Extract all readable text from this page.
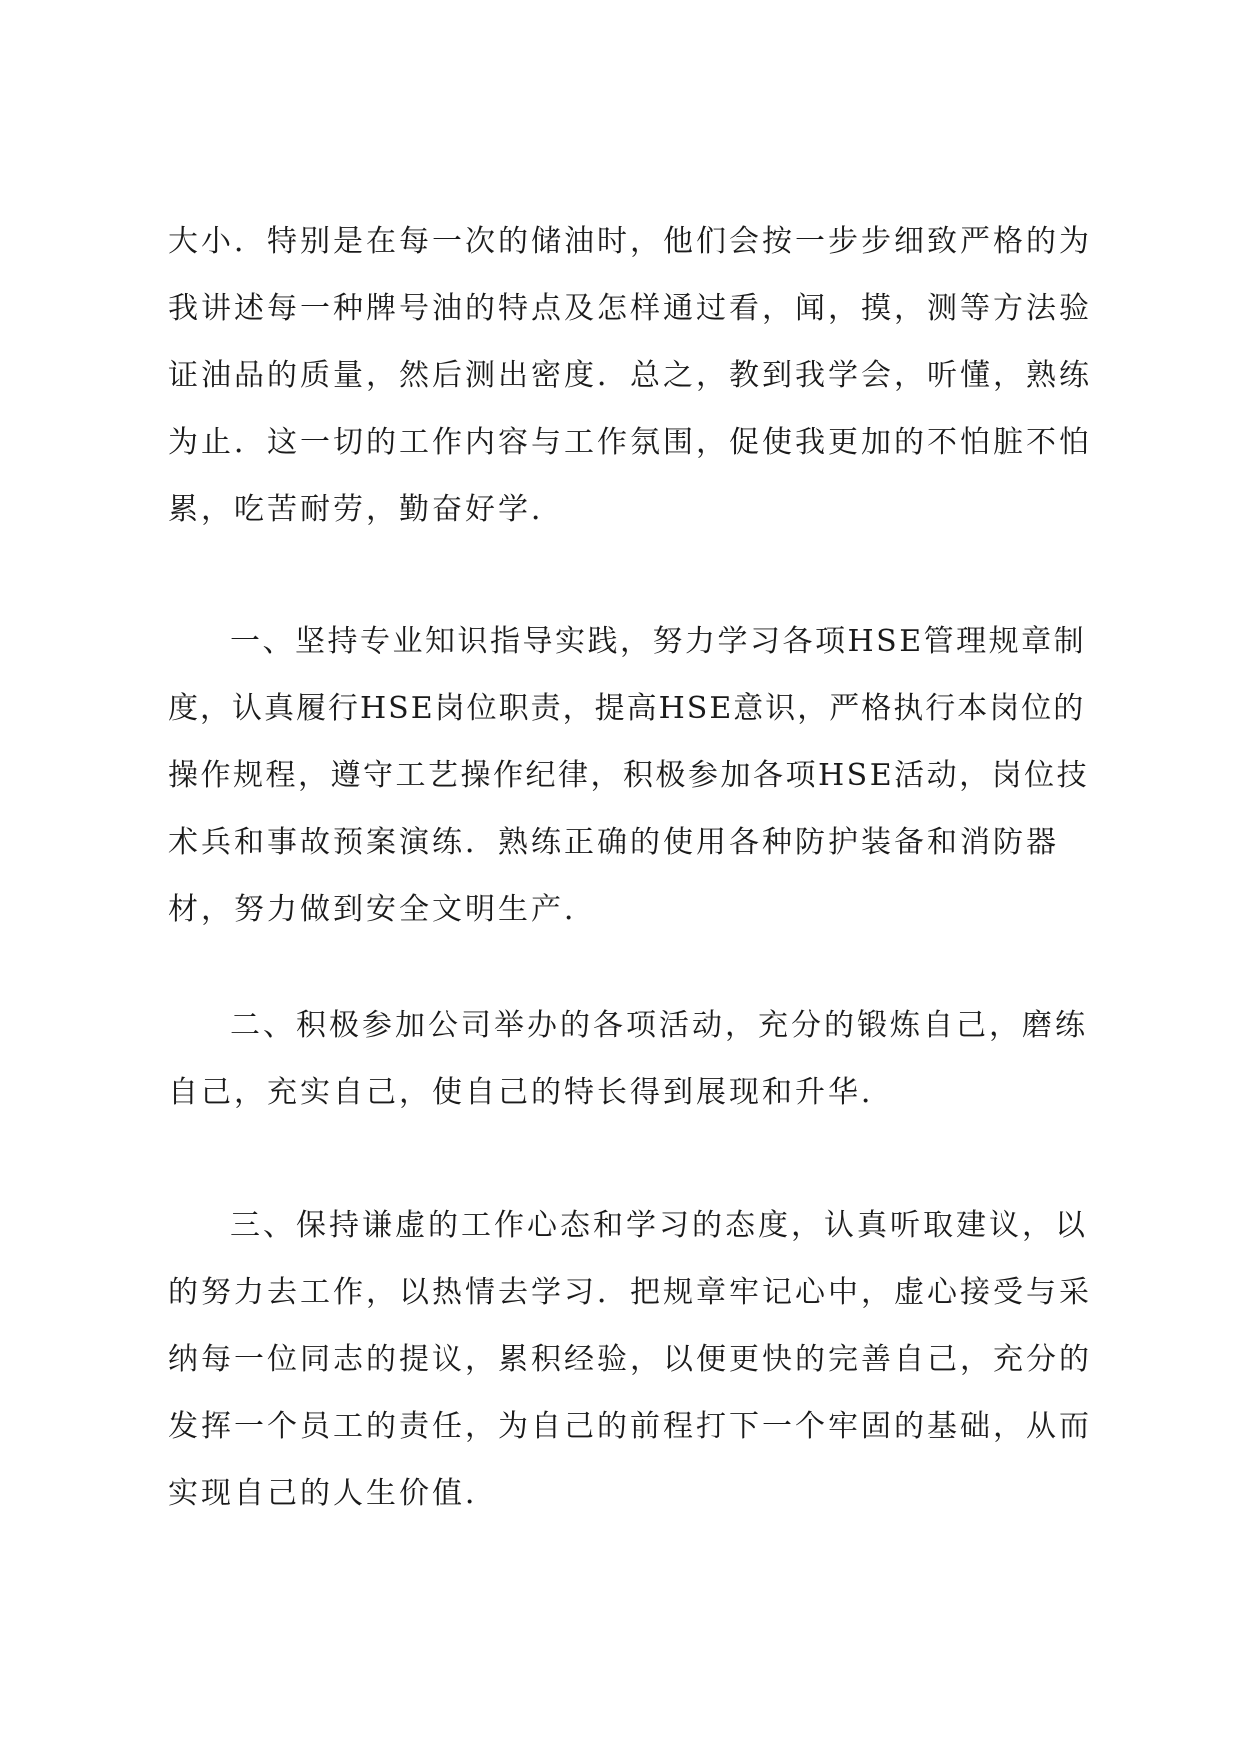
大小．特别是在每一次的储油时，他们会按一步步细致严格的为
我讲述每一种牌号油的特点及怎样通过看，闻，摸，测等方法验
证油品的质量，然后测出密度．总之，教到我学会，听懂，熟练
为止．这一切的工作内容与工作氛围，促使我更加的不怕脏不怕
累，吃苦耐劳，勤奋好学．
一、坚持专业知识指导实践，努力学习各项HSE管理规章制
度，认真履行HSE岗位职责，提高HSE意识，严格执行本岗位的
操作规程，遵守工艺操作纪律，积极参加各项HSE活动，岗位技
术兵和事故预案演练．熟练正确的使用各种防护装备和消防器
材，努力做到安全文明生产．
二、积极参加公司举办的各项活动，充分的锻炼自己，磨练
自己，充实自己，使自己的特长得到展现和升华．
三、保持谦虚的工作心态和学习的态度，认真听取建议，以
的努力去工作，以热情去学习．把规章牢记心中，虚心接受与采
纳每一位同志的提议，累积经验，以便更快的完善自己，充分的
发挥一个员工的责任，为自己的前程打下一个牢固的基础，从而
实现自己的人生价值．
